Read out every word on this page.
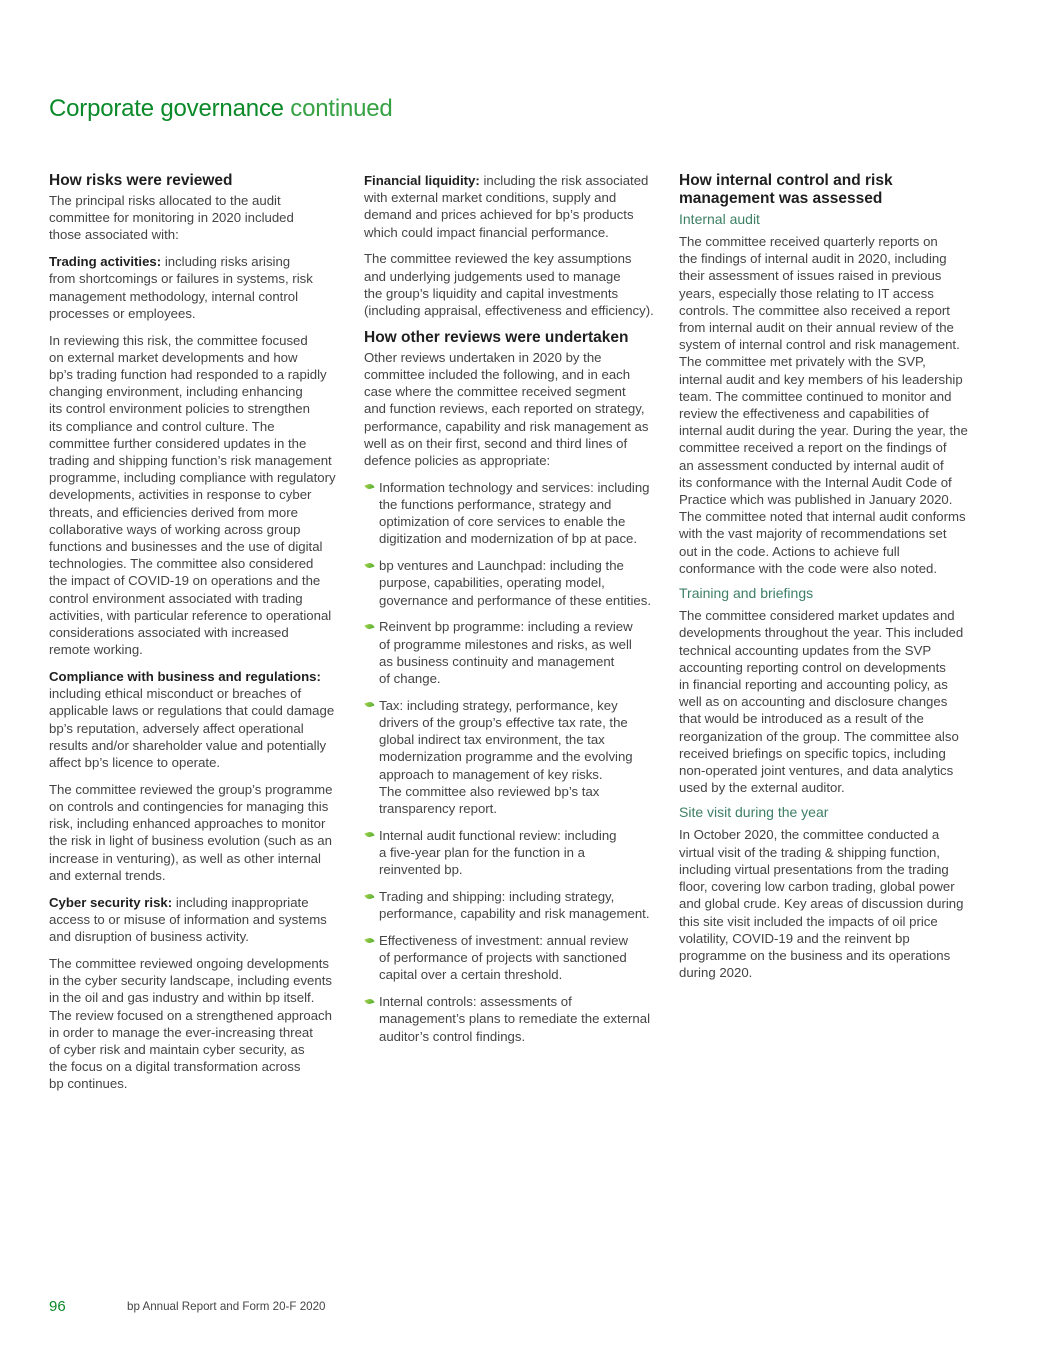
Corporate governance continued
How risks were reviewed

The principal risks allocated to the audit
committee for monitoring in 2020 included
those associated with:

Trading activities: including risks arising
from shortcomings or failures in systems, risk
management methodology, internal control
processes or employees.

In reviewing this risk, the committee focused
on external market developments and how
bp’s trading function had responded to a rapidly
changing environment, including enhancing
its control environment policies to strengthen
its compliance and control culture. The
committee further considered updates in the
trading and shipping function’s risk management
programme, including compliance with regulatory
developments, activities in response to cyber
threats, and efficiencies derived from more
collaborative ways of working across group
functions and businesses and the use of digital
technologies. The committee also considered
the impact of COVID-19 on operations and the
control environment associated with trading
activities, with particular reference to operational
considerations associated with increased
remote working.

Compliance with business and regulations: including ethical misconduct or breaches of
applicable laws or regulations that could damage
bp’s reputation, adversely affect operational
results and/or shareholder value and potentially
affect bp’s licence to operate.

The committee reviewed the group’s programme
on controls and contingencies for managing this
risk, including enhanced approaches to monitor
the risk in light of business evolution (such as an
increase in venturing), as well as other internal
and external trends.

Cyber security risk: including inappropriate
access to or misuse of information and systems
and disruption of business activity.

The committee reviewed ongoing developments
in the cyber security landscape, including events
in the oil and gas industry and within bp itself.
The review focused on a strengthened approach
in order to manage the ever-increasing threat
of cyber risk and maintain cyber security, as
the focus on a digital transformation across
bp continues.

Financial liquidity: including the risk associated
with external market conditions, supply and
demand and prices achieved for bp’s products
which could impact financial performance.

The committee reviewed the key assumptions
and underlying judgements used to manage
the group’s liquidity and capital investments
(including appraisal, effectiveness and efficiency).

How other reviews were undertaken

Other reviews undertaken in 2020 by the
committee included the following, and in each
case where the committee received segment
and function reviews, each reported on strategy,
performance, capability and risk management as
well as on their first, second and third lines of
defence policies as appropriate:

Information technology and services: including
the functions performance, strategy and
optimization of core services to enable the
digitization and modernization of bp at pace.
bp ventures and Launchpad: including the
purpose, capabilities, operating model,
governance and performance of these entities.
Reinvent bp programme: including a review
of programme milestones and risks, as well
as business continuity and management
of change.
Tax: including strategy, performance, key
drivers of the group’s effective tax rate, the
global indirect tax environment, the tax
modernization programme and the evolving
approach to management of key risks.
The committee also reviewed bp’s tax
transparency report.
Internal audit functional review: including
a five-year plan for the function in a
reinvented bp.
Trading and shipping: including strategy,
performance, capability and risk management.
Effectiveness of investment: annual review
of performance of projects with sanctioned
capital over a certain threshold.
Internal controls: assessments of
management’s plans to remediate the external
auditor’s control findings.
How internal control and risk
management was assessed
Internal audit

The committee received quarterly reports on
the findings of internal audit in 2020, including
their assessment of issues raised in previous
years, especially those relating to IT access
controls. The committee also received a report
from internal audit on their annual review of the
system of internal control and risk management.
The committee met privately with the SVP,
internal audit and key members of his leadership
team. The committee continued to monitor and
review the effectiveness and capabilities of
internal audit during the year. During the year, the
committee received a report on the findings of
an assessment conducted by internal audit of
its conformance with the Internal Audit Code of
Practice which was published in January 2020.
The committee noted that internal audit conforms
with the vast majority of recommendations set
out in the code. Actions to achieve full
conformance with the code were also noted.

Training and briefings

The committee considered market updates and
developments throughout the year. This included
technical accounting updates from the SVP
accounting reporting control on developments
in financial reporting and accounting policy, as
well as on accounting and disclosure changes
that would be introduced as a result of the
reorganization of the group. The committee also
received briefings on specific topics, including
non-operated joint ventures, and data analytics
used by the external auditor.

Site visit during the year

In October 2020, the committee conducted a
virtual visit of the trading & shipping function,
including virtual presentations from the trading
floor, covering low carbon trading, global power
and global crude. Key areas of discussion during
this site visit included the impacts of oil price
volatility, COVID-19 and the reinvent bp
programme on the business and its operations
during 2020.

96	bp Annual Report and Form 20-F 2020
